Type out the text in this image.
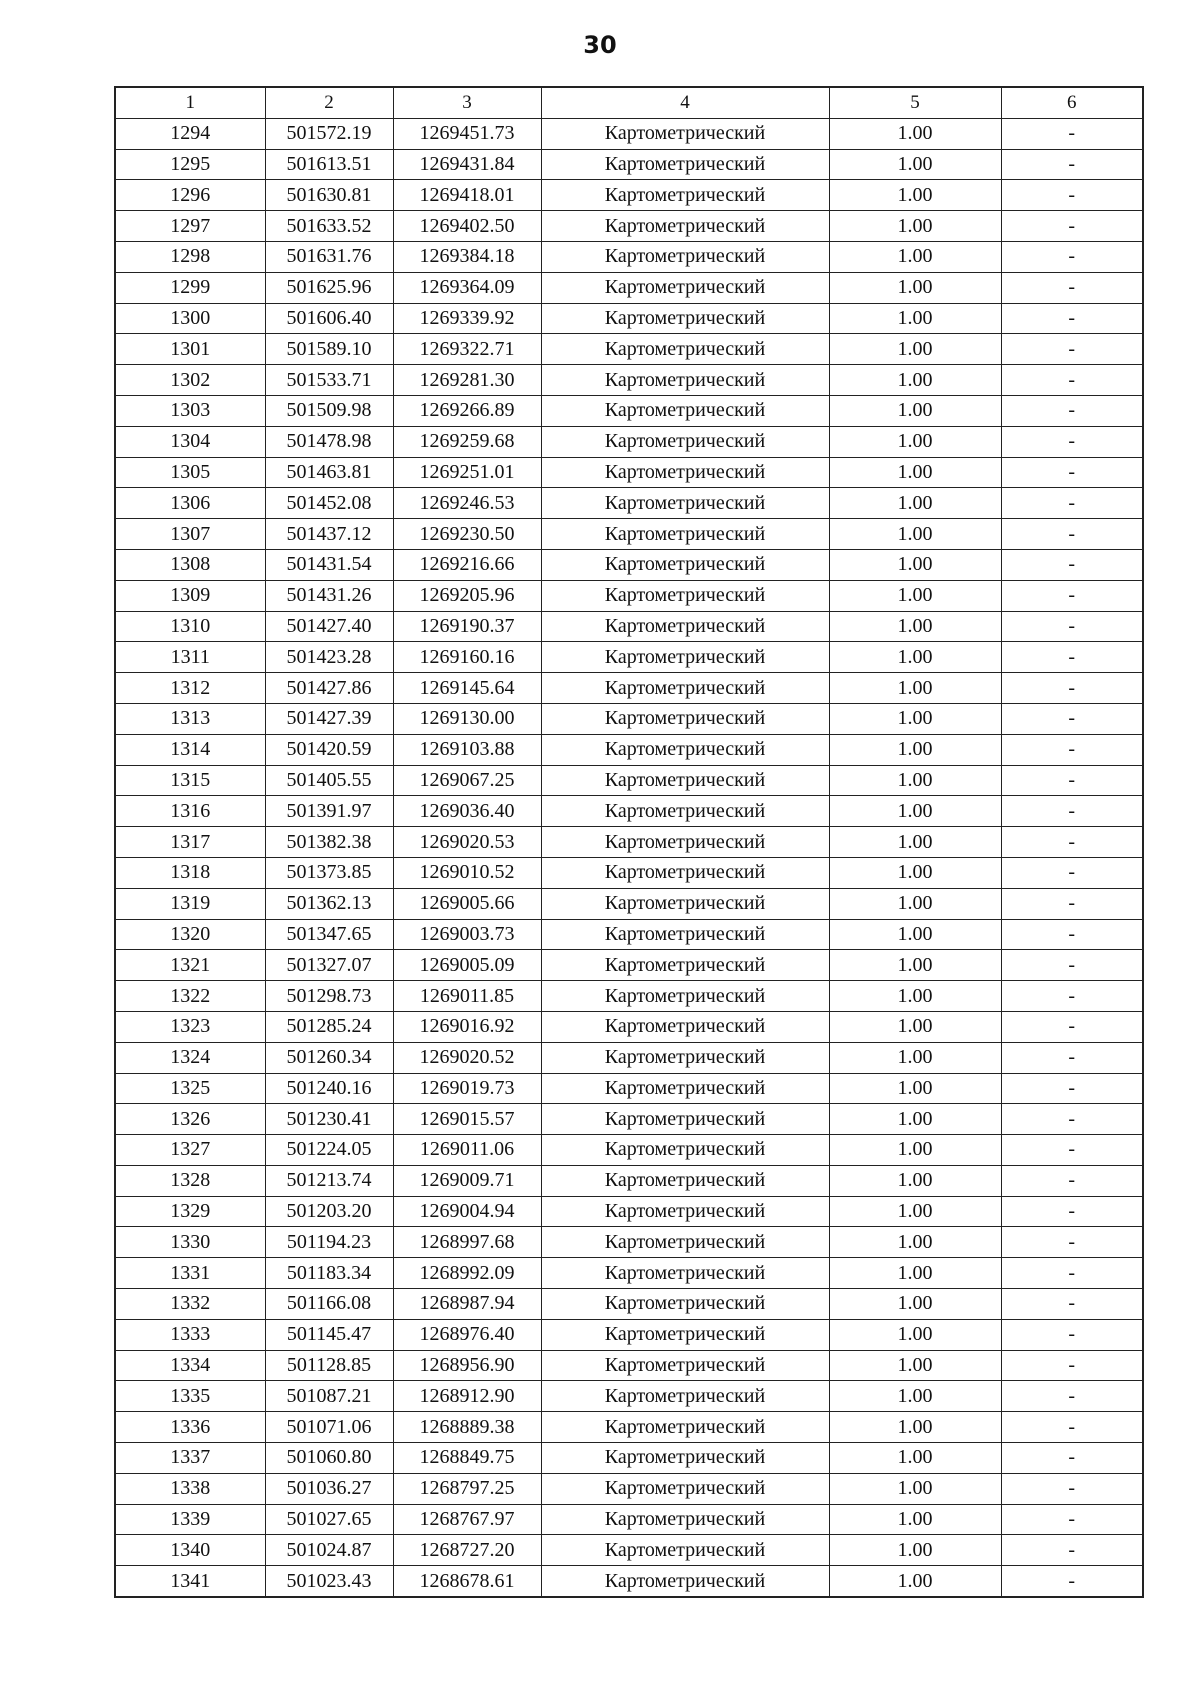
30
1	2	3	4	5	6
1294	501572.19	1269451.73	Картометрический	1.00	-
1295	501613.51	1269431.84	Картометрический	1.00	-
1296	501630.81	1269418.01	Картометрический	1.00	-
1297	501633.52	1269402.50	Картометрический	1.00	-
1298	501631.76	1269384.18	Картометрический	1.00	-
1299	501625.96	1269364.09	Картометрический	1.00	-
1300	501606.40	1269339.92	Картометрический	1.00	-
1301	501589.10	1269322.71	Картометрический	1.00	-
1302	501533.71	1269281.30	Картометрический	1.00	-
1303	501509.98	1269266.89	Картометрический	1.00	-
1304	501478.98	1269259.68	Картометрический	1.00	-
1305	501463.81	1269251.01	Картометрический	1.00	-
1306	501452.08	1269246.53	Картометрический	1.00	-
1307	501437.12	1269230.50	Картометрический	1.00	-
1308	501431.54	1269216.66	Картометрический	1.00	-
1309	501431.26	1269205.96	Картометрический	1.00	-
1310	501427.40	1269190.37	Картометрический	1.00	-
1311	501423.28	1269160.16	Картометрический	1.00	-
1312	501427.86	1269145.64	Картометрический	1.00	-
1313	501427.39	1269130.00	Картометрический	1.00	-
1314	501420.59	1269103.88	Картометрический	1.00	-
1315	501405.55	1269067.25	Картометрический	1.00	-
1316	501391.97	1269036.40	Картометрический	1.00	-
1317	501382.38	1269020.53	Картометрический	1.00	-
1318	501373.85	1269010.52	Картометрический	1.00	-
1319	501362.13	1269005.66	Картометрический	1.00	-
1320	501347.65	1269003.73	Картометрический	1.00	-
1321	501327.07	1269005.09	Картометрический	1.00	-
1322	501298.73	1269011.85	Картометрический	1.00	-
1323	501285.24	1269016.92	Картометрический	1.00	-
1324	501260.34	1269020.52	Картометрический	1.00	-
1325	501240.16	1269019.73	Картометрический	1.00	-
1326	501230.41	1269015.57	Картометрический	1.00	-
1327	501224.05	1269011.06	Картометрический	1.00	-
1328	501213.74	1269009.71	Картометрический	1.00	-
1329	501203.20	1269004.94	Картометрический	1.00	-
1330	501194.23	1268997.68	Картометрический	1.00	-
1331	501183.34	1268992.09	Картометрический	1.00	-
1332	501166.08	1268987.94	Картометрический	1.00	-
1333	501145.47	1268976.40	Картометрический	1.00	-
1334	501128.85	1268956.90	Картометрический	1.00	-
1335	501087.21	1268912.90	Картометрический	1.00	-
1336	501071.06	1268889.38	Картометрический	1.00	-
1337	501060.80	1268849.75	Картометрический	1.00	-
1338	501036.27	1268797.25	Картометрический	1.00	-
1339	501027.65	1268767.97	Картометрический	1.00	-
1340	501024.87	1268727.20	Картометрический	1.00	-
1341	501023.43	1268678.61	Картометрический	1.00	-
